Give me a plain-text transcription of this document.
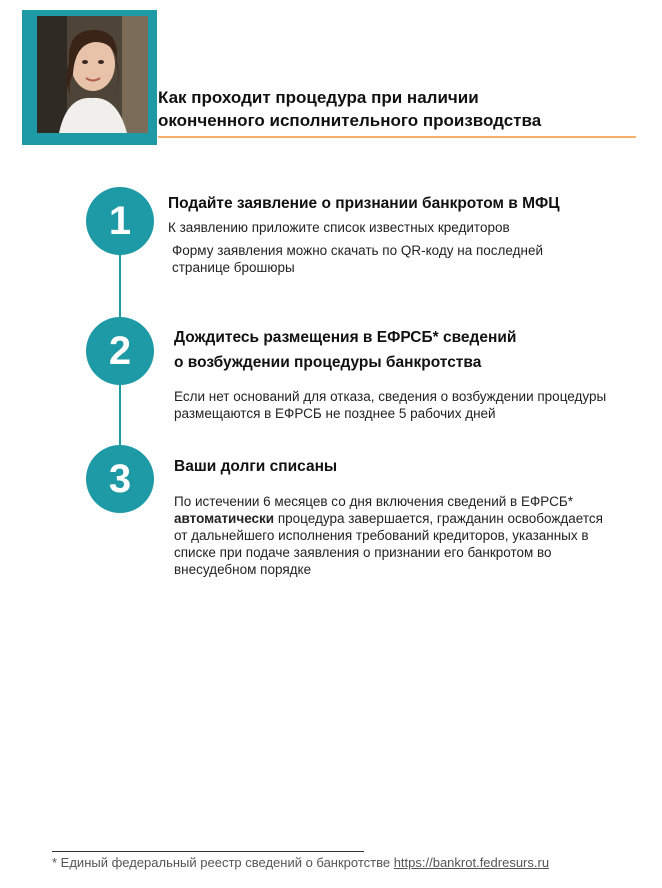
Как проходит процедура при наличии
оконченного исполнительного производства
1	Подайте заявление о признании банкротом в МФЦ
К заявлению приложите список известных кредиторов
Форму заявления можно скачать по QR-коду на последней
странице брошюры
2	Дождитесь размещения в ЕФРСБ* сведений
о возбуждении процедуры банкротства
Если нет оснований для отказа, сведения о возбуждении процедуры
размещаются в ЕФРСБ не позднее 5 рабочих дней
3	Ваши долги списаны
По истечении 6 месяцев со дня включения сведений в ЕФРСБ*
автоматически процедура завершается, гражданин освобождается
от дальнейшего исполнения требований кредиторов, указанных в
списке при подаче заявления о признании его банкротом во
внесудебном порядке
* Единый федеральный реестр сведений о банкротстве https://bankrot.fedresurs.ru
